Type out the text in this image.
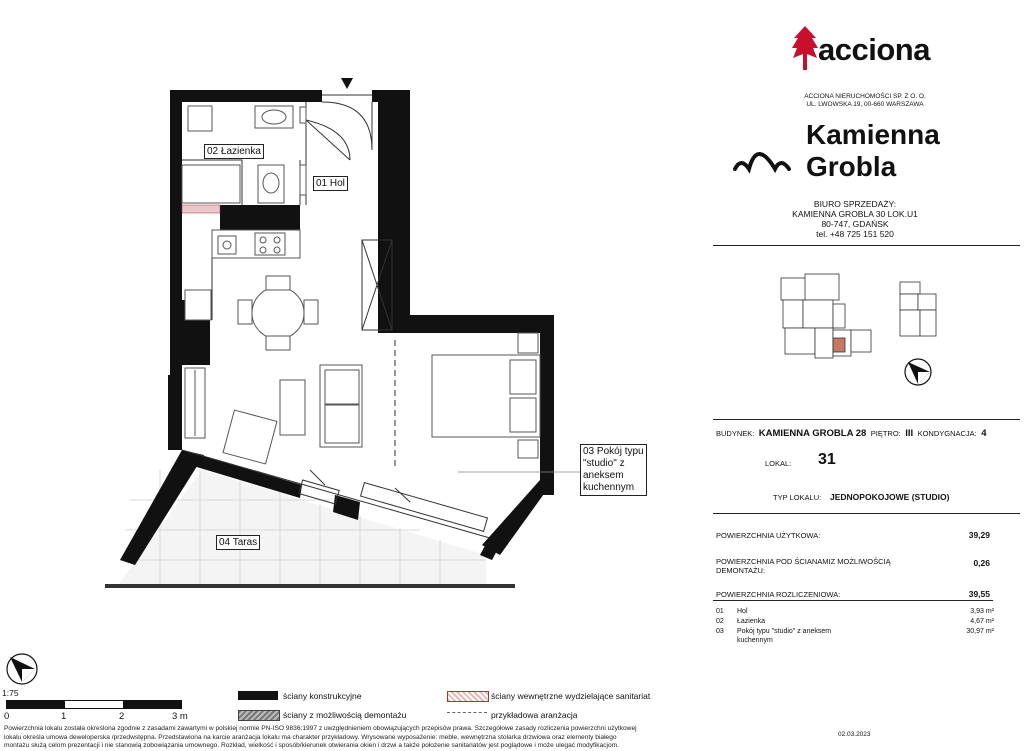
02 Łazienka
01 Hol
03 Pokój typu
"studio" z
aneksem
kuchennym
04 Taras
1:75
0	1	2	3 m
ściany konstrukcyjne
ściany z możliwością demontażu
ściany wewnętrzne wydzielające sanitariat
przykładowa aranżacja
Powierzchnia lokalu została określona zgodnie z zasadami zawartymi w polskiej normie PN-ISO 9836:1997 z uwzględnieniem obowiązujących przepisów prawa. Szczegółowe zasady rozliczenia powierzchni użytkowej
lokalu określa umowa deweloperska /przedwstępna. Przedstawiona na karcie aranżacja lokalu ma charakter przykładowy. Wrysowane wyposażenie: meble, wewnętrzna stolarka drzwiowa oraz elementy białego
montażu służą celom prezentacji i nie stanowią zobowiązania umownego. Rozkład, wielkość i sposób/kierunek otwierania okien i drzwi a także położenie sanitariatów jest poglądowe i może ulegać modyfikacjom.
02.03.2023
acciona
ACCIONA NIERUCHOMOŚCI SP. Z O. O.
UL. LWOWSKA 19, 00-660 WARSZAWA
Kamienna
Grobla
BIURO SPRZEDAŻY:
KAMIENNA GROBLA 30 LOK.U1
80-747, GDAŃSK
tel. +48 725 151 520
BUDYNEK: KAMIENNA GROBLA 28 PIĘTRO: III KONDYGNACJA: 4
LOKAL: 31
TYP LOKALU: JEDNOPOKOJOWE (STUDIO)
POWIERZCHNIA UŻYTKOWA:	39,29
POWIERZCHNIA POD ŚCIANAMIZ MOŻLIWOŚCIĄ DEMONTAŻU:
0,26
POWIERZCHNIA ROZLICZENIOWA:	39,55
01 Hol	3,93 m²
02 Łazienka	4,67 m²
03 Pokój typu "studio" z aneksem kuchennym
30,97 m²
